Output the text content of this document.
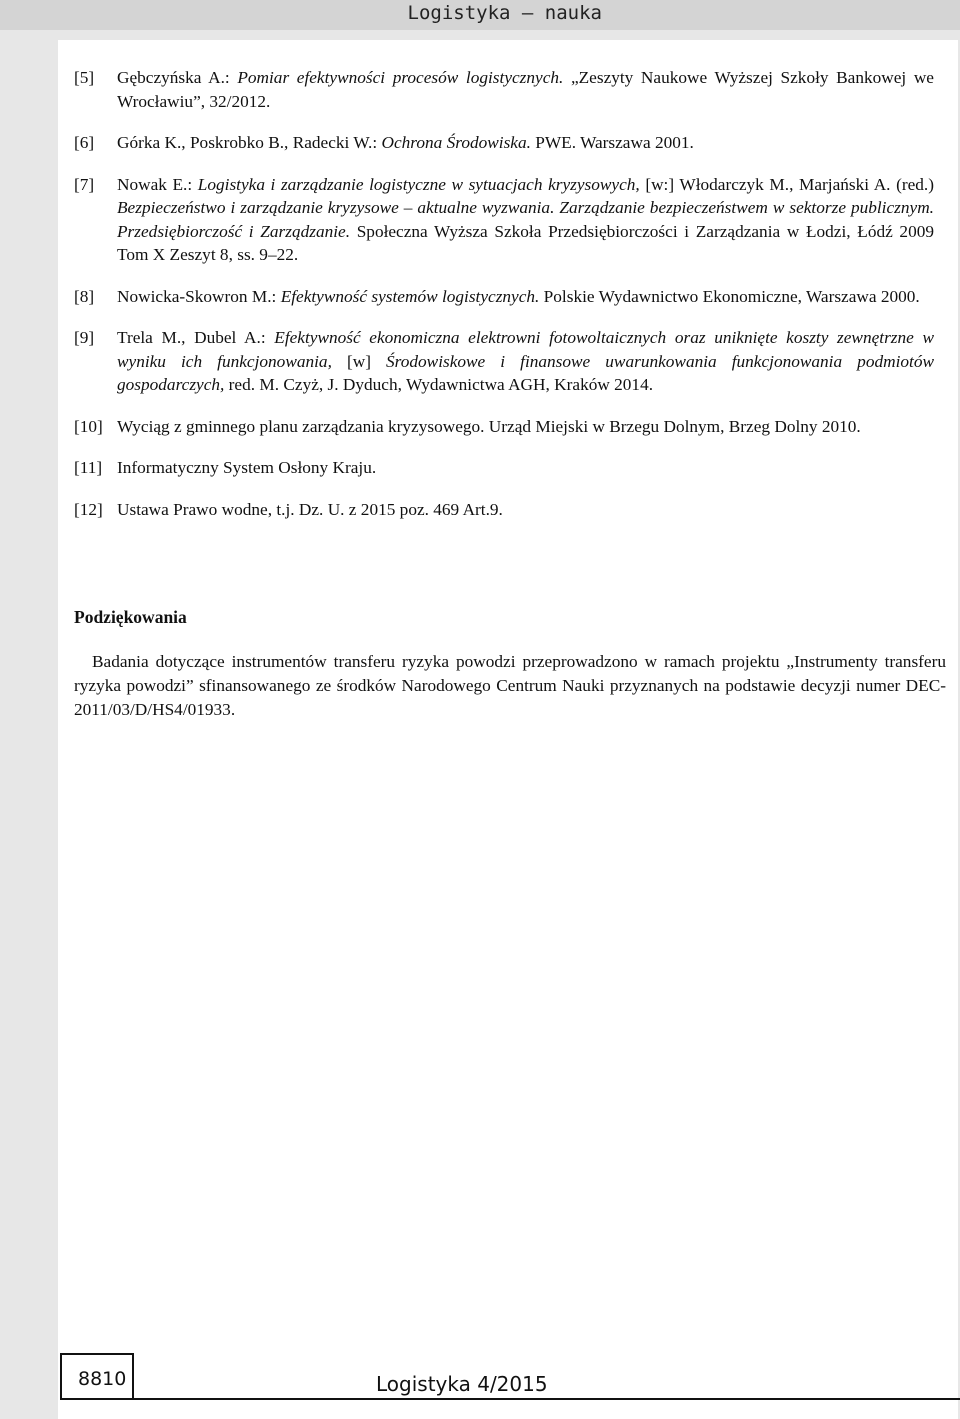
Logistyka – nauka
[5] Gębczyńska A.: Pomiar efektywności procesów logistycznych. „Zeszyty Naukowe Wyższej Szkoły Bankowej we Wrocławiu”, 32/2012.
[6] Górka K., Poskrobko B., Radecki W.: Ochrona Środowiska. PWE. Warszawa 2001.
[7] Nowak E.: Logistyka i zarządzanie logistyczne w sytuacjach kryzysowych, [w:] Włodarczyk M., Marjański A. (red.) Bezpieczeństwo i zarządzanie kryzysowe – aktualne wyzwania. Zarządzanie bezpieczeństwem w sektorze publicznym. Przedsiębiorczość i Zarządzanie. Społeczna Wyższa Szkoła Przedsiębiorczości i Zarządzania w Łodzi, Łódź 2009 Tom X Zeszyt 8, ss. 9–22.
[8] Nowicka-Skowron M.: Efektywność systemów logistycznych. Polskie Wydawnictwo Ekonomiczne, Warszawa 2000.
[9] Trela M., Dubel A.: Efektywność ekonomiczna elektrowni fotowoltaicznych oraz uniknięte koszty zewnętrzne w wyniku ich funkcjonowania, [w] Środowiskowe i finansowe uwarunkowania funkcjonowania podmiotów gospodarczych, red. M. Czyż, J. Dyduch, Wydawnictwa AGH, Kraków 2014.
[10] Wyciąg z gminnego planu zarządzania kryzysowego. Urząd Miejski w Brzegu Dolnym, Brzeg Dolny 2010.
[11] Informatyczny System Osłony Kraju.
[12] Ustawa Prawo wodne, t.j. Dz. U. z 2015 poz. 469 Art.9.
Podziękowania
Badania dotyczące instrumentów transferu ryzyka powodzi przeprowadzono w ramach projektu „Instrumenty transferu ryzyka powodzi” sfinansowanego ze środków Narodowego Centrum Nauki przyznanych na podstawie decyzji numer DEC-2011/03/D/HS4/01933.
8810	Logistyka 4/2015
